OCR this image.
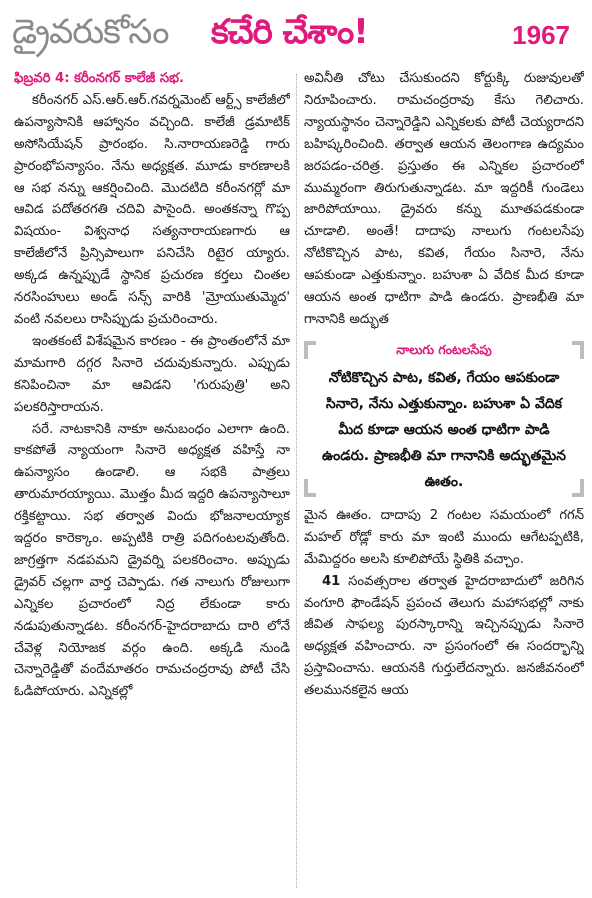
డ్రైవరుకోసం కచేరి చేశాం!	1967

ఫిబ్రవరి 4: కరీంనగర్ కాలేజీ సభ.

కరీంనగర్ ఎస్.ఆర్.ఆర్.గవర్నమెంట్ ఆర్ట్స్ కాలేజీలో ఉపన్యాసానికి ఆహ్వానం వచ్చింది. కాలేజీ డ్రమాటిక్ అసోసియేషన్ ప్రారంభం. సి.నారాయణరెడ్డి గారు ప్రారంభోపన్యాసం. నేను అధ్యక్షత. మూడు కారణాలకి ఆ సభ నన్ను ఆకర్షించింది. మొదటిది కరీంనగర్లో మా ఆవిడ పదోతరగతి చదివి పాసైంది. అంతకన్నా గొప్ప విషయం- విశ్వనాధ సత్యనారాయణగారు ఆ కాలేజీలోనే ప్రిన్సిపాలుగా పనిచేసి రిటైర య్యారు. అక్కడ ఉన్నప్పుడే స్థానిక ప్రచురణ కర్తలు చింతల నరసింహులు అండ్ సన్స్ వారికి 'మ్రోయుతుమ్మెద' వంటి నవలలు రాసిప్పుడు ప్రచురించారు.

ఇంతకంటే విశేషమైన కారణం - ఈ ప్రాంతంలోనే మా మామగారి దగ్గర సినారె చదువుకున్నారు. ఎప్పుడు కనిపించినా మా ఆవిడని 'గురుపుత్రి' అని పలకరిస్తారాయన.

సరే. నాటకానికి నాకూ అనుబంధం ఎలాగా ఉంది. కాకపోతే న్యాయంగా సినారె అధ్యక్షత వహిస్తే నా ఉపన్యాసం ఉండాలి. ఆ సభకి పాత్రలు తారుమారయ్యాయి. మొత్తం మీద ఇద్దరి ఉపన్యాసాలూ రక్తికట్టాయి. సభ తర్వాత విందు భోజనాలయ్యాక ఇద్దరం కారెక్కాం. అప్పటికి రాత్రి పదిగంటలవుతోంది. జాగ్రత్తగా నడపమని డ్రైవర్ని పలకరించాం. అప్పుడు డ్రైవర్ చల్లగా వార్త చెప్పాడు. గత నాలుగు రోజులుగా ఎన్నికల ప్రచారంలో నిద్ర లేకుండా కారు నడుపుతున్నాడట. కరీంనగర్-హైదరాబాదు దారి లోనే చేవెళ్ల నియోజక వర్గం ఉంది. అక్కడి నుండి చెన్నారెడ్డితో వందేమాతరం రామచంద్రరావు పోటీ చేసి ఓడిపోయారు. ఎన్నికల్లో

అవినీతి చోటు చేసుకుందని కోర్టుక్కి రుజువులతో నిరూపించారు. రామచంద్రరావు కేసు గెలిచారు. న్యాయస్థానం చెన్నారెడ్డిని ఎన్నికలకు పోటీ చెయ్యరాదని బహిష్కరించింది. తర్వాత ఆయన తెలంగాణ ఉద్యమం జరపడం-చరిత్ర. ప్రస్తుతం ఈ ఎన్నికల ప్రచారంలో ముమ్మరంగా తిరుగుతున్నాడట. మా ఇద్దరికీ గుండెలు జారిపోయాయి. డ్రైవరు కన్ను మూతపడకుండా చూడాలి. అంతే! దాదాపు నాలుగు గంటలసేపు నోటికొచ్చిన పాట, కవిత, గేయం సినారె, నేను ఆపకుండా ఎత్తుకున్నాం. బహుశా ఏ వేదిక మీద కూడా ఆయన అంత ధాటిగా పాడి ఉండరు. ప్రాణభీతి మా గానానికి అద్భుత

నాలుగు గంటలసేపు
నోటికొచ్చిన పాట, కవిత, గేయం ఆపకుండా సినారె, నేను ఎత్తుకున్నాం. బహుశా ఏ వేదిక మీద కూడా ఆయన అంత ధాటిగా పాడి ఉండరు. ప్రాణభీతి మా గానానికి అద్భుతమైన ఊతం.

మైన ఊతం. దాదాపు 2 గంటల సమయంలో గగన్ మహల్ రోడ్లో కారు మా ఇంటి ముందు ఆగేటప్పటికి, మేమిద్దరం అలసి కూలిపోయే స్థితికి వచ్చాం.

41 సంవత్సరాల తర్వాత హైదరాబాదులో జరిగిన వంగూరి ఫౌండేషన్ ప్రపంచ తెలుగు మహాసభల్లో నాకు జీవిత సాఫల్య పురస్కారాన్ని ఇచ్చినప్పుడు సినారె అధ్యక్షత వహించారు. నా ప్రసంగంలో ఈ సందర్భాన్ని ప్రస్తావించాను. ఆయనకి గుర్తులేదన్నారు. జనజీవనంలో తలమునకలైన ఆయ
